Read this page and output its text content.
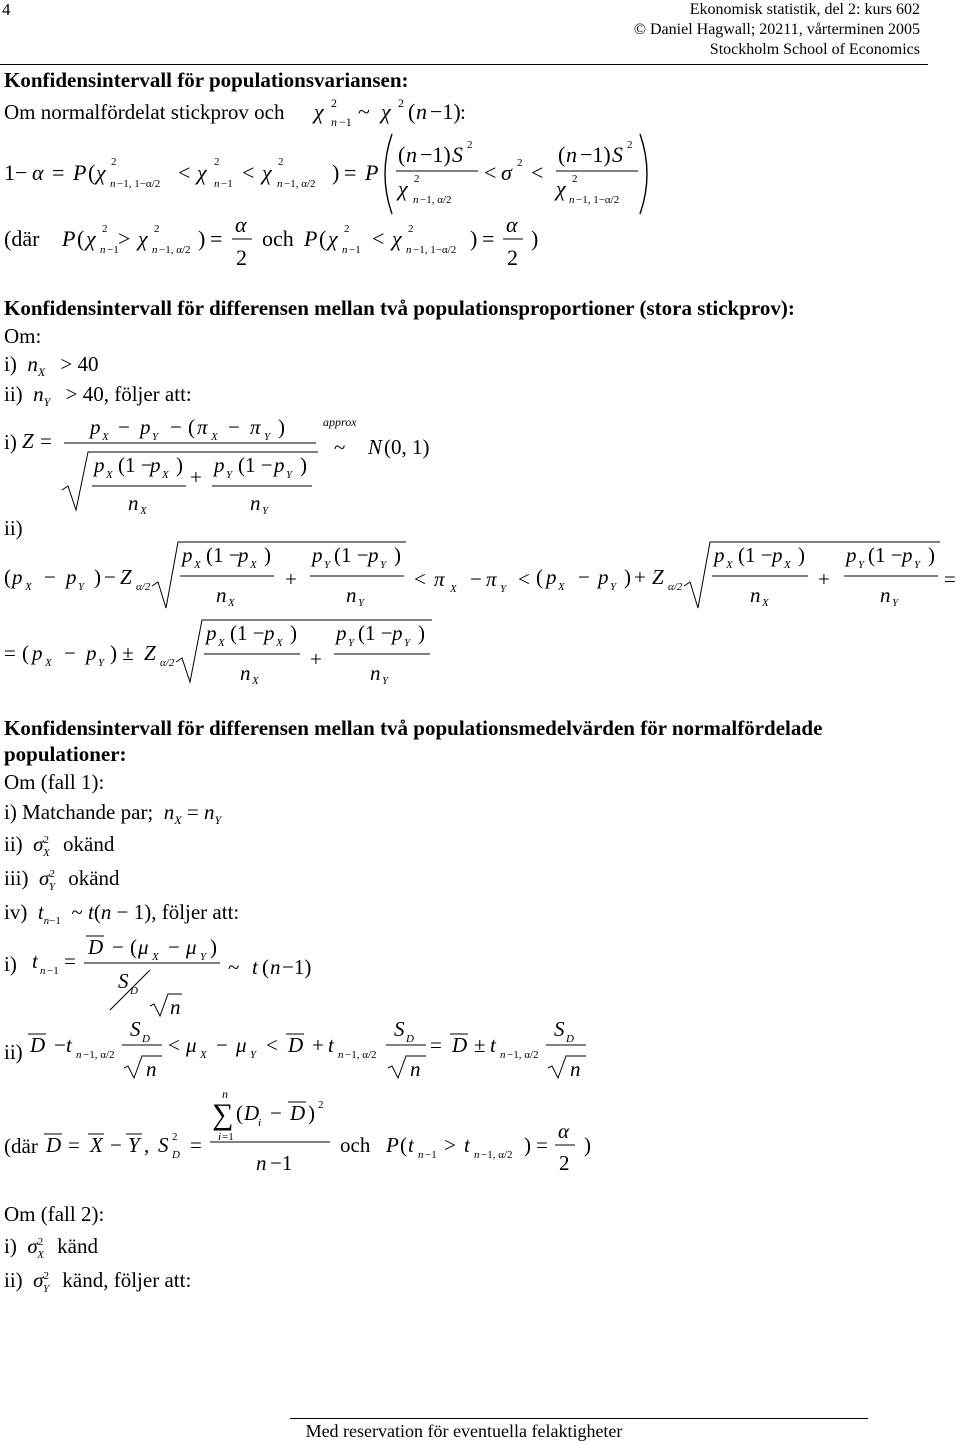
4	Ekonomisk statistik, del 2: kurs 602
© Daniel Hagwall; 20211, vårterminen 2005
Stockholm School of Economics
Konfidensintervall för populationsvariansen:
Om normalfördelat stickprov och χ n −1
2 ~ χ 2 ( n −1)
1− α = P ( χ 2
n −1, 1−α/2 < χ 2
n −1 < χ 2
n −1, α/2 ) = P
( n −1) S 2
χ 2
n −1, α/2
< σ 2 <
( n −1) S 2
χ 2
n −1, 1−α/2
(där P ( χ 2
n −1 > χ 2
n −1, α/2 ) =
α
2
och P ( χ 2
n −1 < χ 2
n −1, 1−α/2 ) =
α
2
)
:
Konfidensintervall för differensen mellan två populationsproportioner (stora stickprov):
Om:
i)  $n_X > 40$
ii)  $n_Y > 40$, följer att:
i)
ii)
Z =
p X − p Y − ( π X − π Y )	approx
~ N (0, 1)
p X (1 −
p X )
n X
+ p Y (1 − p Y )
n Y
( p X − p Y ) − Z α/2
p X (1 −
p X )
n X
+
p Y (1 − p Y )
n Y
< π X − π Y < ( p X − p Y ) + Z α/2
p X (1 − p X )
n X
+
p Y (1 − p Y )
n Y
=
= ( p X − p Y ) ± Z α/2
p X (1 − p X )
n X
+
p Y (1 − p Y )
n Y
Konfidensintervall för differensen mellan två populationsmedelvärden för normalfördelade
populationer:
Om (fall 1):
i) Matchande par;  $n_X = n_Y$
ii)  $\sigma^2_X$ okänd
iii)  $\sigma^2_Y$ okänd
iv)  $t_{n-1}$  ~ t(n − 1), följer att:
i)
ii)
(där
t n −1 =
D − ( μ X − μ Y )
S D
n
~ t ( n −1)
D − t n −1, α/2
S D
n
< μ X − μ Y < D + t n −1, α/2
S D
n
= D ± t n −1, α/2
S D
n
D = X − Y , S 2
D =
n
∑
i =1
( D
i − D ) 2
n −1
och P ( t n −1 > t n −1, α/2 ) =
α
2
)
Om (fall 2):
i)  $\sigma^2_X$ känd
ii)  $\sigma^2_Y$ känd, följer att:
Med reservation för eventuella felaktigheter
